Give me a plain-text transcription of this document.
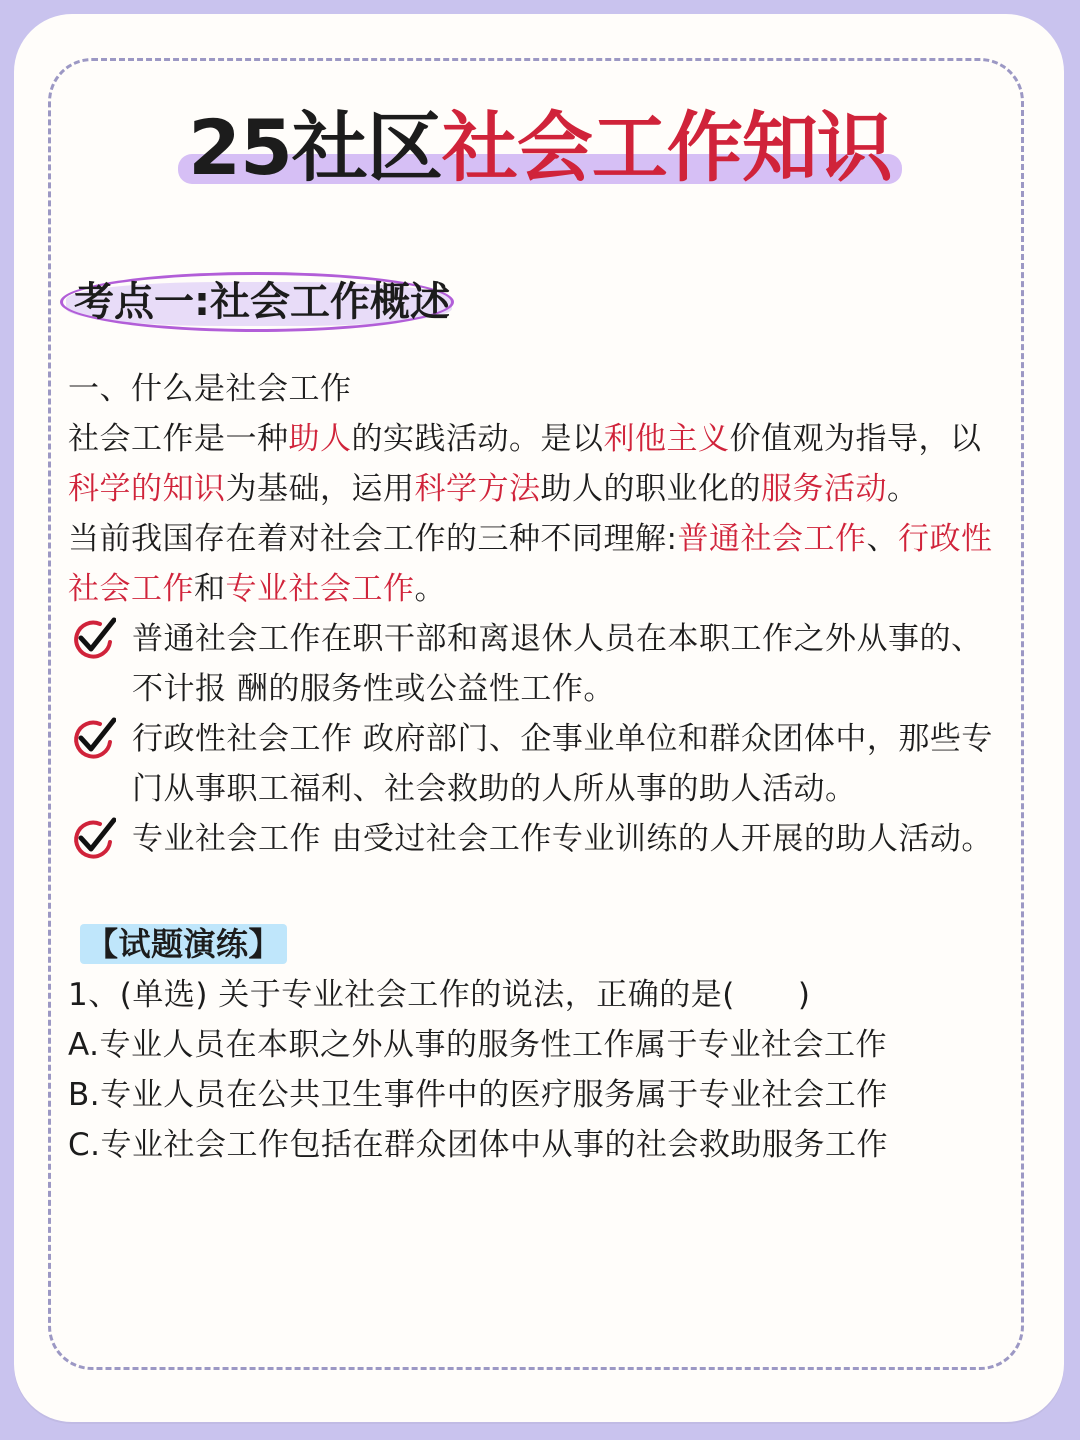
25社区社会工作知识
考点一:社会工作概述

一、什么是社会工作

社会工作是一种助人的实践活动。是以利他主义价值观为指导，以科学的知识为基础，运用科学方法助人的职业化的服务活动。

当前我国存在着对社会工作的三种不同理解:普通社会工作、行政性社会工作和专业社会工作。

普通社会工作在职干部和离退休人员在本职工作之外从事的、不计报 酬的服务性或公益性工作。
行政性社会工作 政府部门、企事业单位和群众团体中，那些专门从事职工福利、社会救助的人所从事的助人活动。
专业社会工作 由受过社会工作专业训练的人开展的助人活动。

【试题演练】

1、(单选) 关于专业社会工作的说法，正确的是(　　)

A.专业人员在本职之外从事的服务性工作属于专业社会工作

B.专业人员在公共卫生事件中的医疗服务属于专业社会工作

C.专业社会工作包括在群众团体中从事的社会救助服务工作
